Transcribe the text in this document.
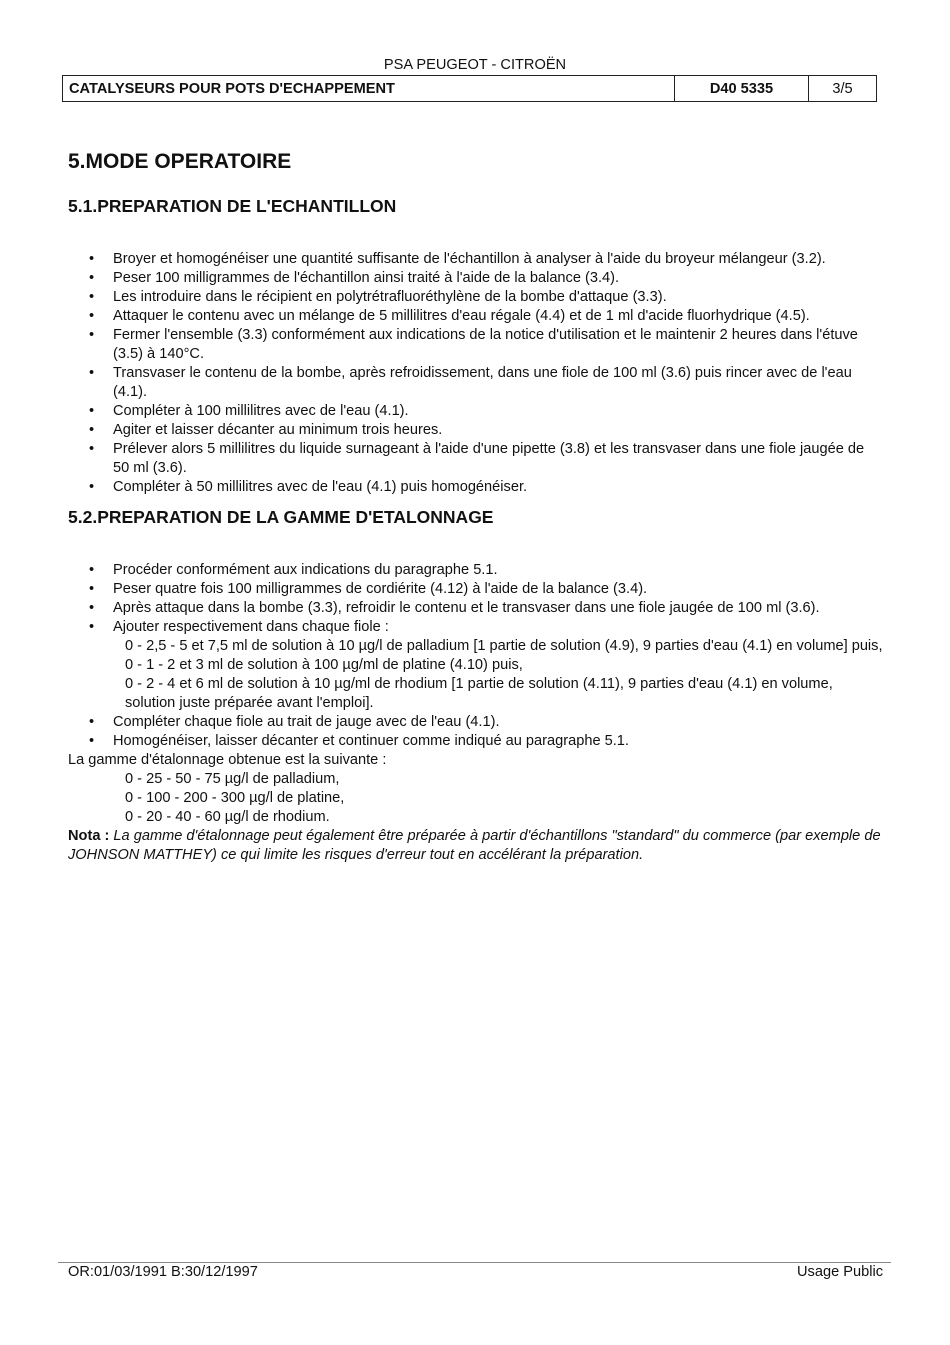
PSA PEUGEOT - CITROËN
CATALYSEURS POUR POTS D'ECHAPPEMENT	D40 5335	3/5
5.MODE OPERATOIRE
5.1.PREPARATION DE L'ECHANTILLON
• Broyer et homogénéiser une quantité suffisante de l'échantillon à analyser à l'aide du broyeur mélangeur (3.2).
• Peser 100 milligrammes de l'échantillon ainsi traité à l'aide de la balance (3.4).
• Les introduire dans le récipient en polytrétrafluoréthylène de la bombe d'attaque (3.3).
• Attaquer le contenu avec un mélange de 5 millilitres d'eau régale (4.4) et de 1 ml d'acide fluorhydrique (4.5).
• Fermer l'ensemble (3.3) conformément aux indications de la notice d'utilisation et le maintenir 2 heures dans l'étuve (3.5) à 140°C.
• Transvaser le contenu de la bombe, après refroidissement, dans une fiole de 100 ml (3.6) puis rincer avec de l'eau (4.1).
• Compléter à 100 millilitres avec de l'eau (4.1).
• Agiter et laisser décanter au minimum trois heures.
• Prélever alors 5 millilitres du liquide surnageant à l'aide d'une pipette (3.8) et les transvaser dans une fiole jaugée de 50 ml (3.6).
• Compléter à 50 millilitres avec de l'eau (4.1) puis homogénéiser.
5.2.PREPARATION DE LA GAMME D'ETALONNAGE
• Procéder conformément aux indications du paragraphe 5.1.
• Peser quatre fois 100 milligrammes de cordiérite (4.12) à l'aide de la balance (3.4).
• Après attaque dans la bombe (3.3), refroidir le contenu et le transvaser dans une fiole jaugée de 100 ml (3.6).
• Ajouter respectivement dans chaque fiole :
0 - 2,5 - 5 et 7,5 ml de solution à 10 µg/l de palladium [1 partie de solution (4.9), 9 parties d'eau (4.1) en volume] puis,
0 - 1 - 2 et 3 ml de solution à 100 µg/ml de platine (4.10) puis,
0 - 2 - 4 et 6 ml de solution à 10 µg/ml de rhodium [1 partie de solution (4.11), 9 parties d'eau (4.1) en volume, solution juste préparée avant l'emploi].
• Compléter chaque fiole au trait de jauge avec de l'eau (4.1).
• Homogénéiser, laisser décanter et continuer comme indiqué au paragraphe 5.1.
La gamme d'étalonnage obtenue est la suivante :
0 - 25 - 50 - 75 µg/l de palladium,
0 - 100 - 200 - 300 µg/l de platine,
0 - 20 - 40 - 60 µg/l de rhodium.
Nota : La gamme d'étalonnage peut également être préparée à partir d'échantillons "standard" du commerce (par exemple de JOHNSON MATTHEY) ce qui limite les risques d'erreur tout en accélérant la préparation.
OR:01/03/1991 B:30/12/1997	Usage Public
